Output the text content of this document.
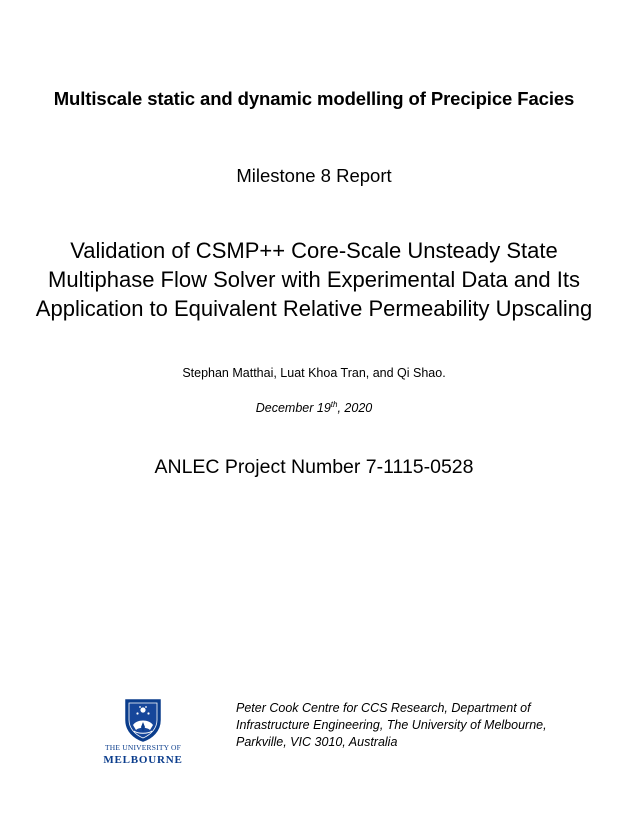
Multiscale static and dynamic modelling of Precipice Facies
Milestone 8 Report
Validation of CSMP++ Core-Scale Unsteady State
Multiphase Flow Solver with Experimental Data and Its
Application to Equivalent Relative Permeability Upscaling
Stephan Matthai, Luat Khoa Tran, and Qi Shao.
December 19th, 2020
ANLEC Project Number 7-1115-0528
THE UNIVERSITY OF
MELBOURNE
Peter Cook Centre for CCS Research, Department of
Infrastructure Engineering, The University of Melbourne,
Parkville, VIC 3010, Australia
